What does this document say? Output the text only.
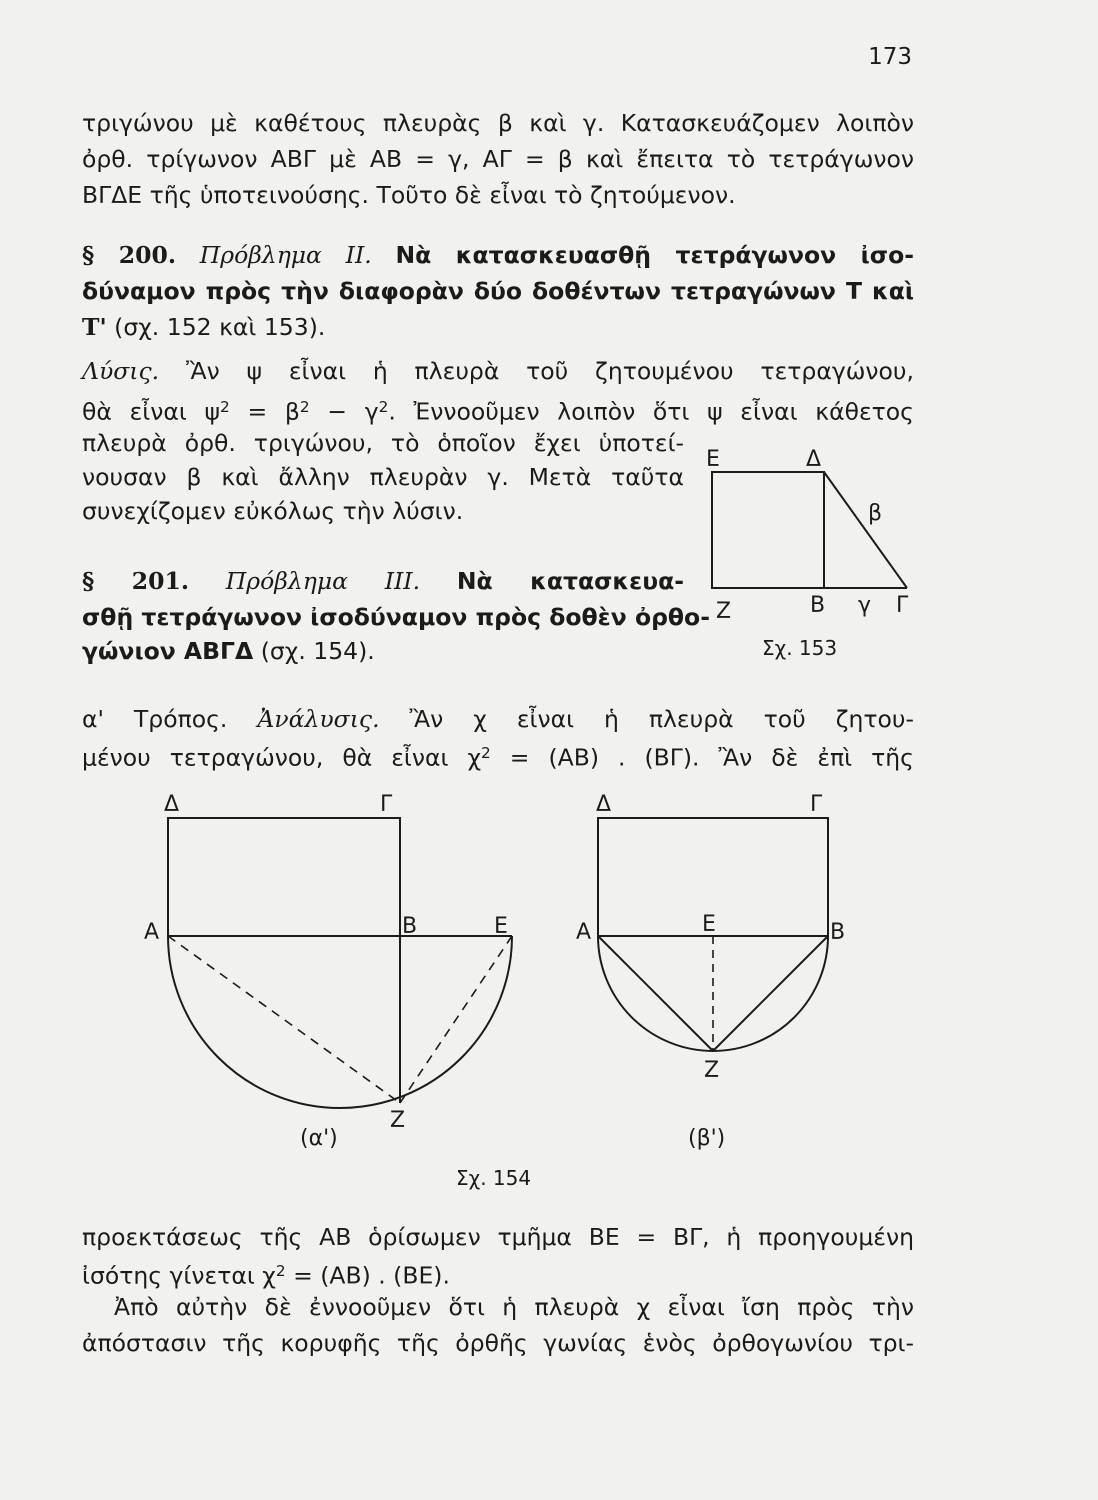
173
τριγώνου μὲ καθέτους πλευρὰς β καὶ γ. Κατασκευάζομεν λοιπὸν
ὀρθ. τρίγωνον ΑΒΓ μὲ ΑΒ = γ, ΑΓ = β καὶ ἔπειτα τὸ τετράγωνον
ΒΓΔΕ τῆς ὑποτεινούσης. Τοῦτο δὲ εἶναι τὸ ζητούμενον.
§ 200. Πρόβλημα ΙΙ. Νὰ κατασκευασθῇ τετράγωνον ἰσο-
δύναμον πρὸς τὴν διαφορὰν δύο δοθέντων τετραγώνων Τ καὶ
Τ' (σχ. 152 καὶ 153).
Λύσις. Ἂν ψ εἶναι ἡ πλευρὰ τοῦ ζητουμένου τετραγώνου,
θὰ εἶναι $\psi^2 = \beta^2 - \gamma^2$. Ἐννοοῦμεν λοιπὸν ὅτι ψ εἶναι κάθετος
πλευρὰ ὀρθ. τριγώνου, τὸ ὁποῖον ἔχει ὑποτεί-
νουσαν β καὶ ἄλλην πλευρὰν γ. Μετὰ ταῦτα
συνεχίζομεν εὐκόλως τὴν λύσιν.
§ 201. Πρόβλημα ΙΙΙ. Νὰ κατασκευα-
σθῇ τετράγωνον ἰσοδύναμον πρὸς δοθὲν ὀρθο-
γώνιον ΑΒΓΔ (σχ. 154).
α' Τρόπος. Ἀνάλυσις. Ἂν χ εἶναι ἡ πλευρὰ τοῦ ζητου-
μένου τετραγώνου, θὰ εἶναι $\chi^2 = (AB)$ . (ΒΓ). Ἂν δὲ ἐπὶ τῆς
Ε	Δ
β
Ζ	Β γ Γ
Σχ. 153
Δ	Γ
Α	Β	Ε
Ζ
(α')
Δ	Γ
Α	Ε	Β
Ζ
(β')
Σχ. 154
προεκτάσεως τῆς ΑΒ ὁρίσωμεν τμῆμα ΒΕ = ΒΓ, ἡ προηγουμένη
ἰσότης γίνεται $\chi^2 = (AB)$ . (ΒΕ).
Ἀπὸ αὐτὴν δὲ ἐννοοῦμεν ὅτι ἡ πλευρὰ χ εἶναι ἴση πρὸς τὴν
ἀπόστασιν τῆς κορυφῆς τῆς ὀρθῆς γωνίας ἑνὸς ὀρθογωνίου τρι-
